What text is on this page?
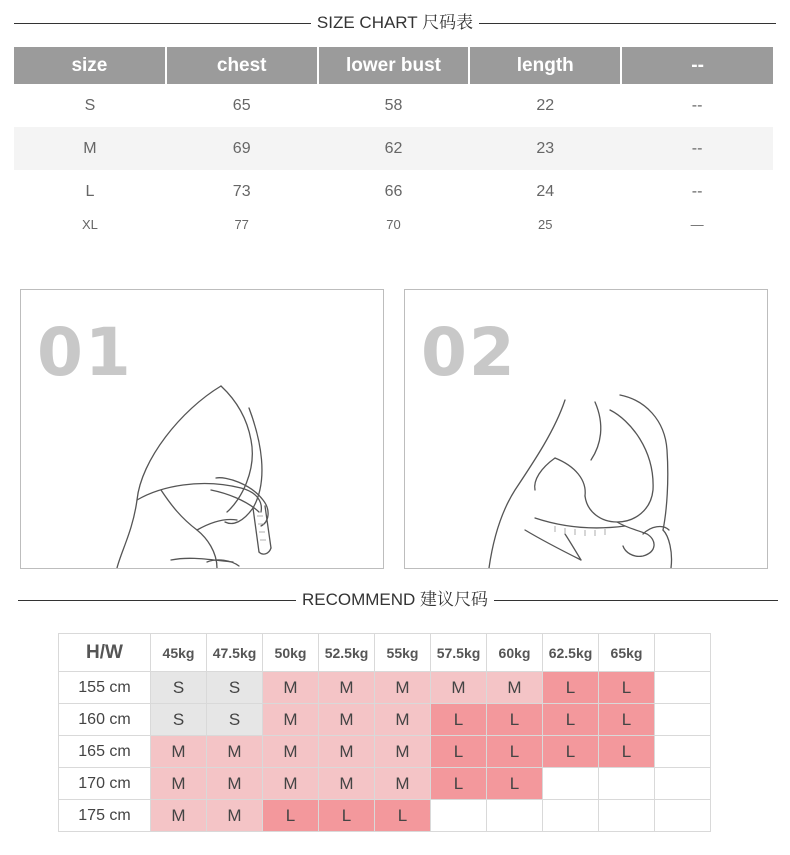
SIZE CHART 尺码表
size	chest	lower bust	length	--
S	65	58	22	--
M	69	62	23	--
L	73	66	24	--
XL	77	70	25	—
01	02
RECOMMEND 建议尺码
H/W	45kg	47.5kg	50kg	52.5kg	55kg	57.5kg	60kg	62.5kg	65kg	
155 cm	S	S	M	M	M	M	M	L	L	
160 cm	S	S	M	M	M	L	L	L	L	
165 cm	M	M	M	M	M	L	L	L	L	
170 cm	M	M	M	M	M	L	L			
175 cm	M	M	L	L	L					
